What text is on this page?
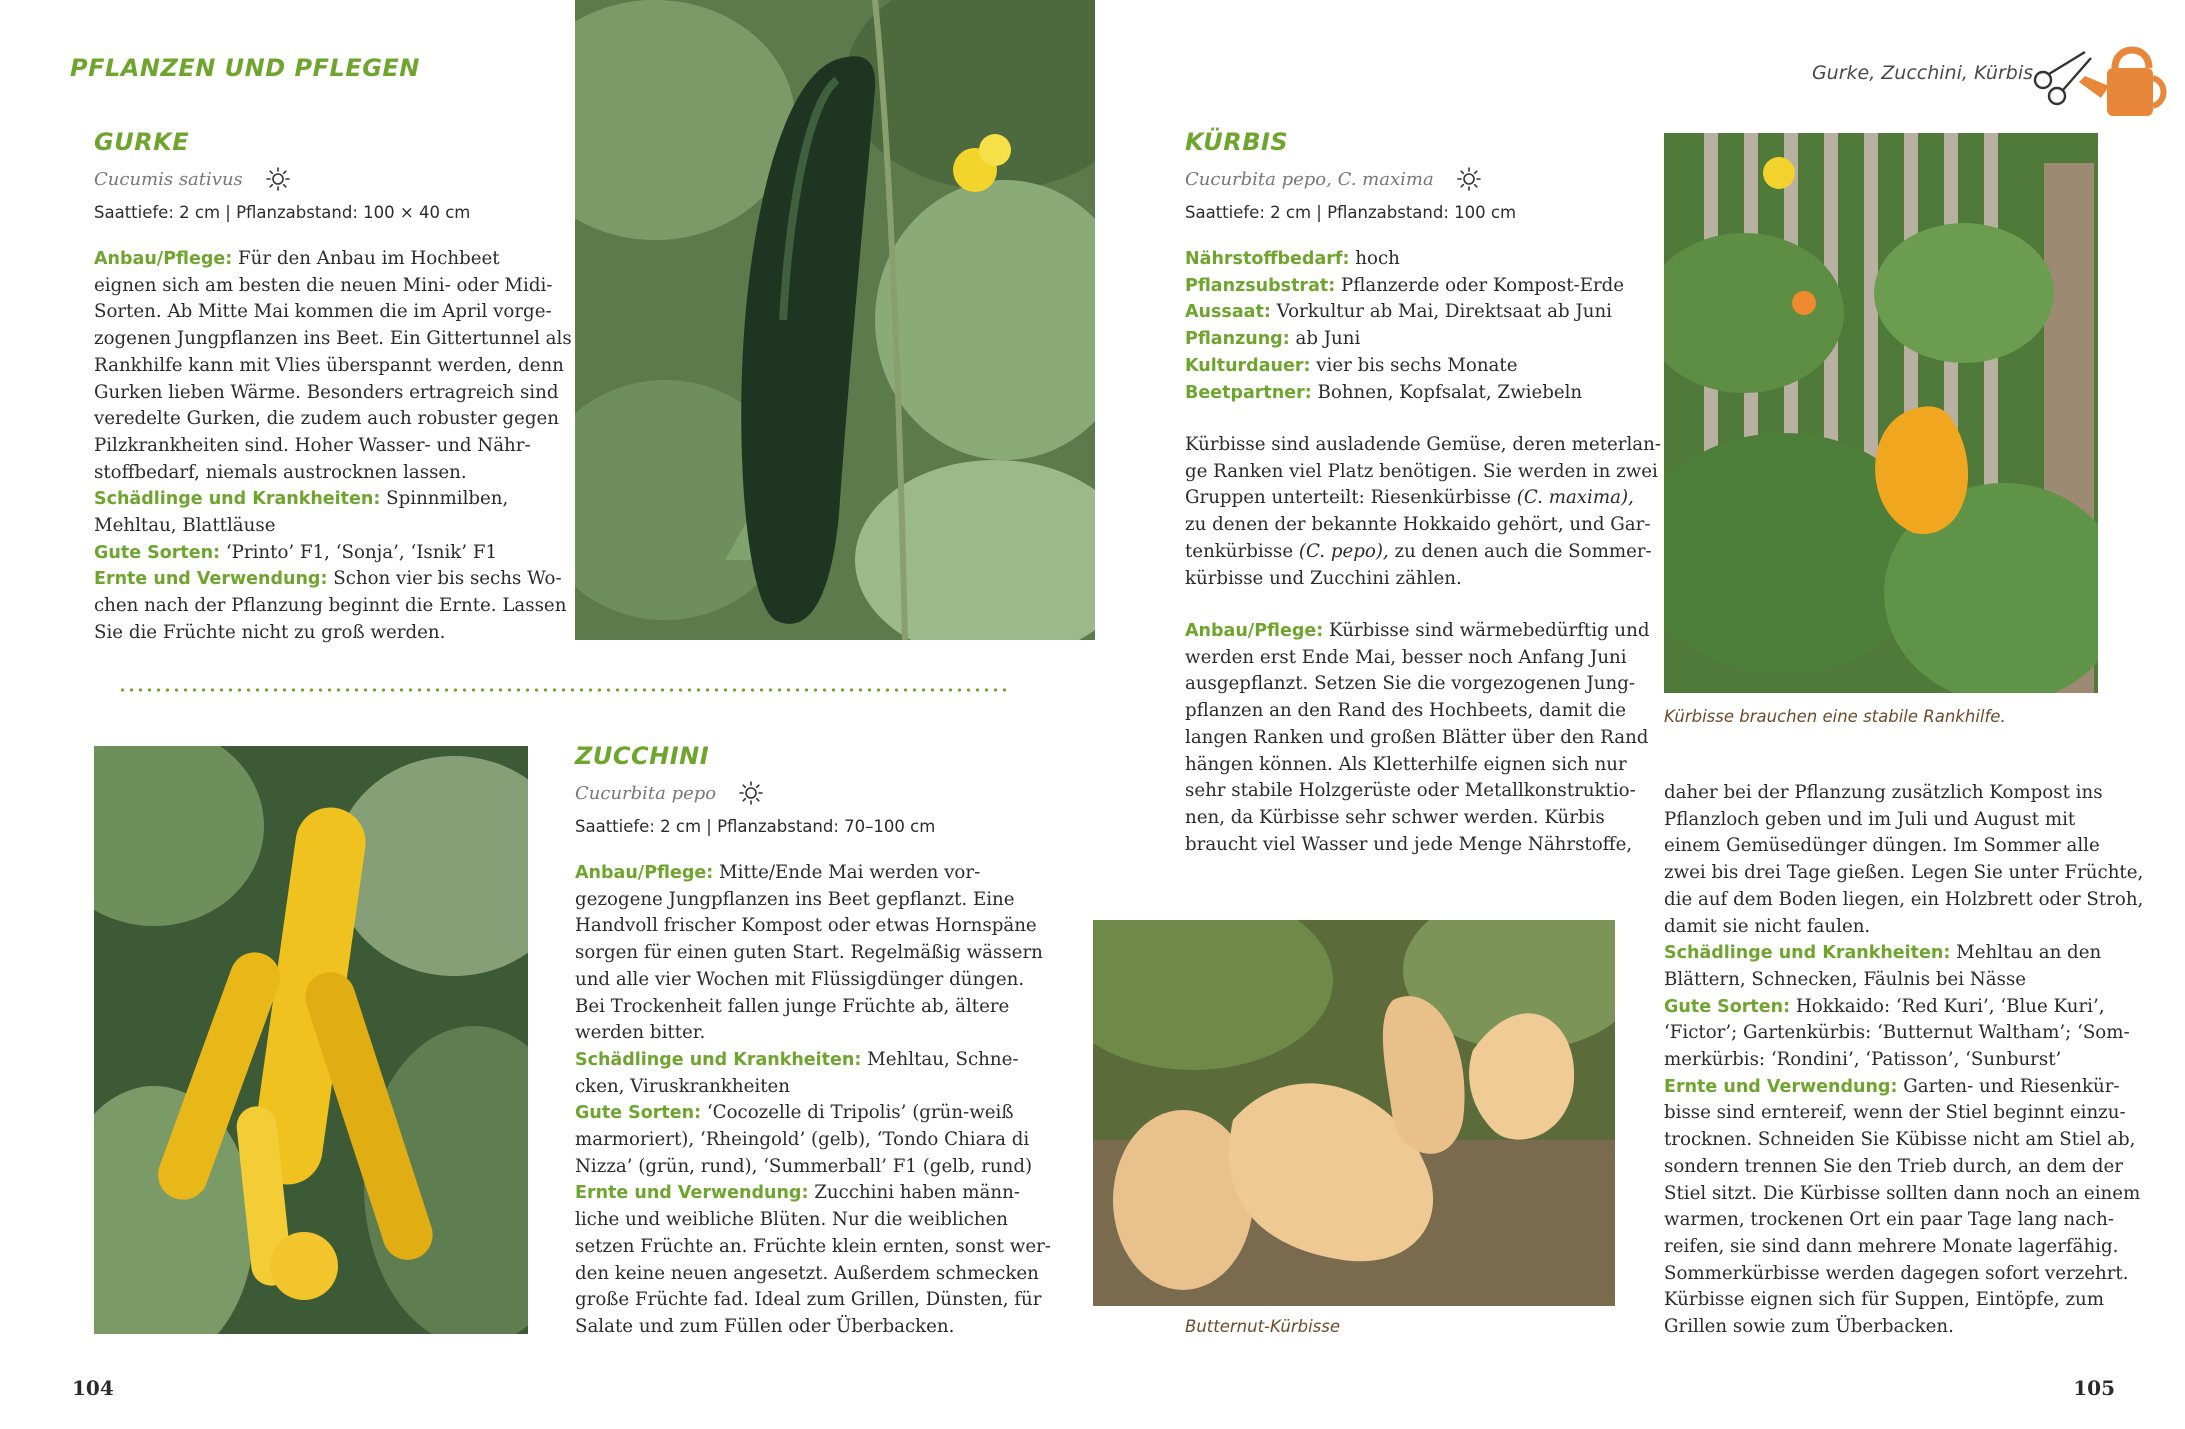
PFLANZEN UND PFLEGEN
GURKE
Cucumis sativus
Saattiefe: 2 cm | Pflanzabstand: 100 × 40 cm
Anbau/Pflege: Für den Anbau im Hochbeet
eignen sich am besten die neuen Mini- oder Midi-
Sorten. Ab Mitte Mai kommen die im April vorge-
zogenen Jungpflanzen ins Beet. Ein Gittertunnel als
Rankhilfe kann mit Vlies überspannt werden, denn
Gurken lieben Wärme. Besonders ertragreich sind
veredelte Gurken, die zudem auch robuster gegen
Pilzkrankheiten sind. Hoher Wasser- und Nähr-
stoffbedarf, niemals austrocknen lassen.
Schädlinge und Krankheiten: Spinnmilben,
Mehltau, Blattläuse
Gute Sorten: ‘Printo’ F1, ‘Sonja’, ‘Isnik’ F1
Ernte und Verwendung: Schon vier bis sechs Wo-
chen nach der Pflanzung beginnt die Ernte. Lassen
Sie die Früchte nicht zu groß werden.
ZUCCHINI
Cucurbita pepo
Saattiefe: 2 cm | Pflanzabstand: 70–100 cm
Anbau/Pflege: Mitte/Ende Mai werden vor-
gezogene Jungpflanzen ins Beet gepflanzt. Eine
Handvoll frischer Kompost oder etwas Hornspäne
sorgen für einen guten Start. Regelmäßig wässern
und alle vier Wochen mit Flüssigdünger düngen.
Bei Trockenheit fallen junge Früchte ab, ältere
werden bitter.
Schädlinge und Krankheiten: Mehltau, Schne-
cken, Viruskrankheiten
Gute Sorten: ‘Cocozelle di Tripolis’ (grün-weiß
marmoriert), ‘Rheingold’ (gelb), ‘Tondo Chiara di
Nizza’ (grün, rund), ‘Summerball’ F1 (gelb, rund)
Ernte und Verwendung: Zucchini haben männ-
liche und weibliche Blüten. Nur die weiblichen
setzen Früchte an. Früchte klein ernten, sonst wer-
den keine neuen angesetzt. Außerdem schmecken
große Früchte fad. Ideal zum Grillen, Dünsten, für
Salate und zum Füllen oder Überbacken.
104
Gurke, Zucchini, Kürbis
KÜRBIS
Cucurbita pepo, C. maxima
Saattiefe: 2 cm | Pflanzabstand: 100 cm
Nährstoffbedarf: hoch
Pflanzsubstrat: Pflanzerde oder Kompost-Erde
Aussaat: Vorkultur ab Mai, Direktsaat ab Juni
Pflanzung: ab Juni
Kulturdauer: vier bis sechs Monate
Beetpartner: Bohnen, Kopfsalat, Zwiebeln
Kürbisse sind ausladende Gemüse, deren meterlan-
ge Ranken viel Platz benötigen. Sie werden in zwei
Gruppen unterteilt: Riesenkürbisse (C. maxima),
zu denen der bekannte Hokkaido gehört, und Gar-
tenkürbisse (C. pepo), zu denen auch die Sommer-
kürbisse und Zucchini zählen.
Anbau/Pflege: Kürbisse sind wärmebedürftig und
werden erst Ende Mai, besser noch Anfang Juni
ausgepflanzt. Setzen Sie die vorgezogenen Jung-
pflanzen an den Rand des Hochbeets, damit die
langen Ranken und großen Blätter über den Rand
hängen können. Als Kletterhilfe eignen sich nur
sehr stabile Holzgerüste oder Metallkonstruktio-
nen, da Kürbisse sehr schwer werden. Kürbis
braucht viel Wasser und jede Menge Nährstoffe,
Kürbisse brauchen eine stabile Rankhilfe.
Butternut-Kürbisse
daher bei der Pflanzung zusätzlich Kompost ins
Pflanzloch geben und im Juli und August mit
einem Gemüsedünger düngen. Im Sommer alle
zwei bis drei Tage gießen. Legen Sie unter Früchte,
die auf dem Boden liegen, ein Holzbrett oder Stroh,
damit sie nicht faulen.
Schädlinge und Krankheiten: Mehltau an den
Blättern, Schnecken, Fäulnis bei Nässe
Gute Sorten: Hokkaido: ‘Red Kuri’, ‘Blue Kuri’,
‘Fictor’; Gartenkürbis: ‘Butternut Waltham’; ‘Som-
merkürbis: ‘Rondini’, ‘Patisson’, ‘Sunburst’
Ernte und Verwendung: Garten- und Riesenkür-
bisse sind erntereif, wenn der Stiel beginnt einzu-
trocknen. Schneiden Sie Kübisse nicht am Stiel ab,
sondern trennen Sie den Trieb durch, an dem der
Stiel sitzt. Die Kürbisse sollten dann noch an einem
warmen, trockenen Ort ein paar Tage lang nach-
reifen, sie sind dann mehrere Monate lagerfähig.
Sommerkürbisse werden dagegen sofort verzehrt.
Kürbisse eignen sich für Suppen, Eintöpfe, zum
Grillen sowie zum Überbacken.
105
